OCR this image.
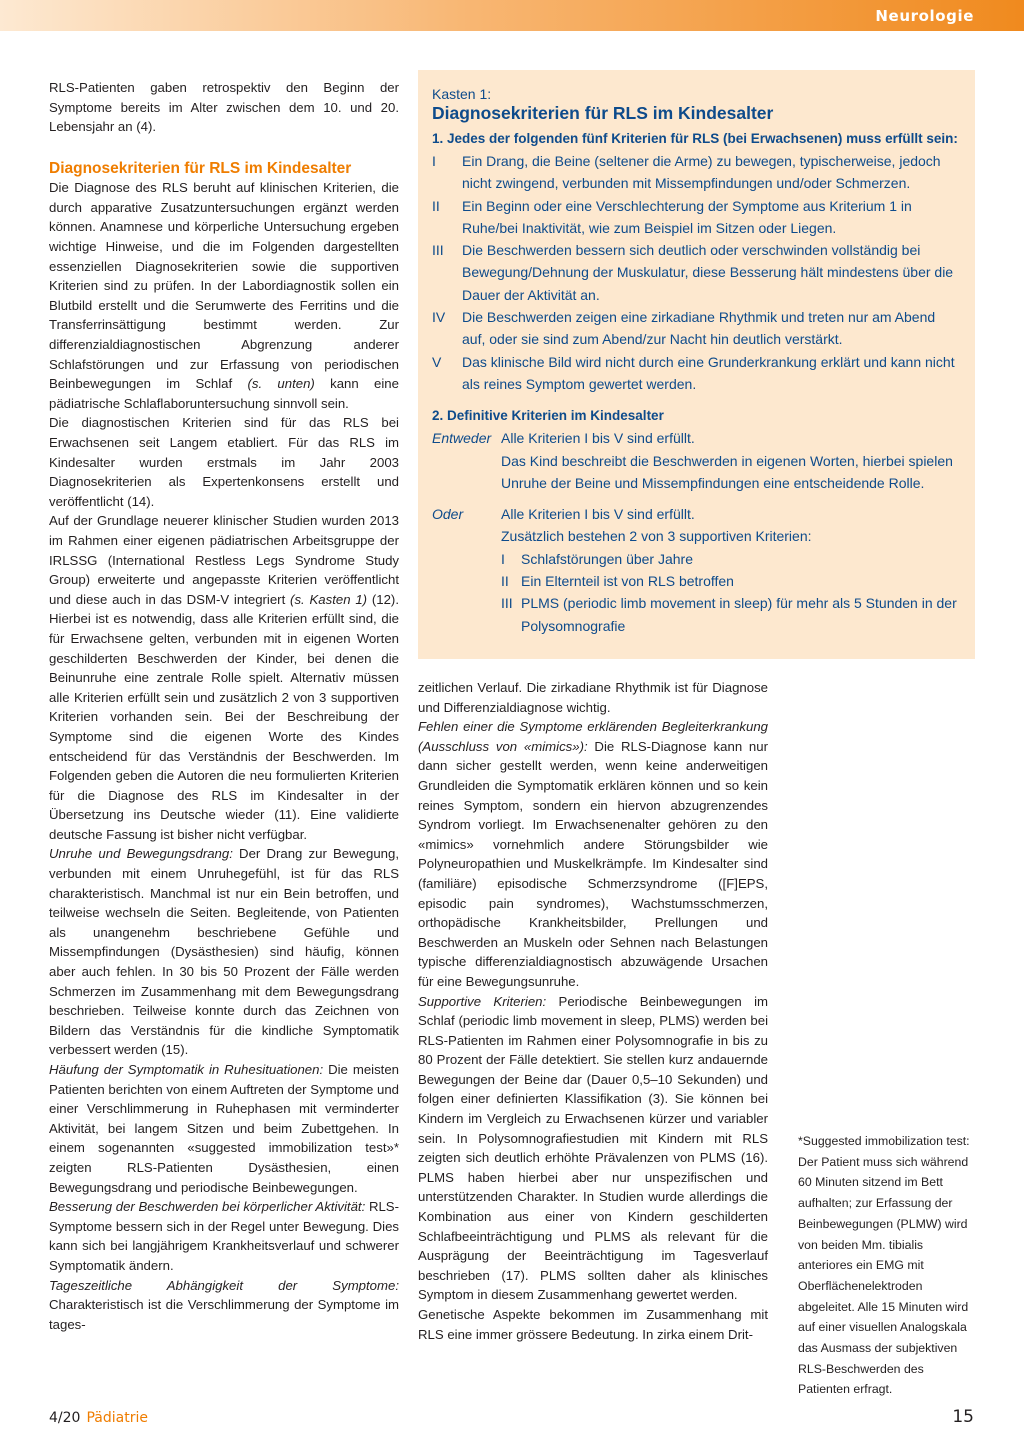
Neurologie

RLS-Patienten gaben retrospektiv den Beginn der Symptome bereits im Alter zwischen dem 10. und 20. Lebensjahr an (4).

Diagnosekriterien für RLS im Kindesalter

Die Diagnose des RLS beruht auf klinischen Kriterien, die durch apparative Zusatzuntersuchungen ergänzt werden können. Anamnese und körperliche Untersuchung ergeben wichtige Hinweise, und die im Folgenden dargestellten essenziellen Diagnosekriterien sowie die supportiven Kriterien sind zu prüfen. In der Labordiagnostik sollen ein Blutbild erstellt und die Serumwerte des Ferritins und die Transferrinsättigung bestimmt werden. Zur differenzialdiagnostischen Abgrenzung anderer Schlafstörungen und zur Erfassung von periodischen Beinbewegungen im Schlaf (s. unten) kann eine pädiatrische Schlaflaboruntersuchung sinnvoll sein.

Die diagnostischen Kriterien sind für das RLS bei Erwachsenen seit Langem etabliert. Für das RLS im Kindesalter wurden erstmals im Jahr 2003 Diagnosekriterien als Expertenkonsens erstellt und veröffentlicht (14).

Auf der Grundlage neuerer klinischer Studien wurden 2013 im Rahmen einer eigenen pädiatrischen Arbeitsgruppe der IRLSSG (International Restless Legs Syndrome Study Group) erweiterte und angepasste Kriterien veröffentlicht und diese auch in das DSM-V integriert (s. Kasten 1) (12). Hierbei ist es notwendig, dass alle Kriterien erfüllt sind, die für Erwachsene gelten, verbunden mit in eigenen Worten geschilderten Beschwerden der Kinder, bei denen die Beinunruhe eine zentrale Rolle spielt. Alternativ müssen alle Kriterien erfüllt sein und zusätzlich 2 von 3 supportiven Kriterien vorhanden sein. Bei der Beschreibung der Symptome sind die eigenen Worte des Kindes entscheidend für das Verständnis der Beschwerden. Im Folgenden geben die Autoren die neu formulierten Kriterien für die Diagnose des RLS im Kindesalter in der Übersetzung ins Deutsche wieder (11). Eine validierte deutsche Fassung ist bisher nicht verfügbar.

Unruhe und Bewegungsdrang: Der Drang zur Bewegung, verbunden mit einem Unruhegefühl, ist für das RLS charakteristisch. Manchmal ist nur ein Bein betroffen, und teilweise wechseln die Seiten. Begleitende, von Patienten als unangenehm beschriebene Gefühle und Missempfindungen (Dysästhesien) sind häufig, können aber auch fehlen. In 30 bis 50 Prozent der Fälle werden Schmerzen im Zusammenhang mit dem Bewegungsdrang beschrieben. Teilweise konnte durch das Zeichnen von Bildern das Verständnis für die kindliche Symptomatik verbessert werden (15).

Häufung der Symptomatik in Ruhesituationen: Die meisten Patienten berichten von einem Auftreten der Symptome und einer Verschlimmerung in Ruhephasen mit verminderter Aktivität, bei langem Sitzen und beim Zubettgehen. In einem sogenannten «suggested immobilization test»* zeigten RLS-Patienten Dysästhesien, einen Bewegungsdrang und periodische Beinbewegungen.

Besserung der Beschwerden bei körperlicher Aktivität: RLS-Symptome bessern sich in der Regel unter Bewegung. Dies kann sich bei langjährigem Krankheitsverlauf und schwerer Symptomatik ändern.

Tageszeitliche Abhängigkeit der Symptome: Charakteristisch ist die Verschlimmerung der Symptome im tages-

Kasten 1:
Diagnosekriterien für RLS im Kindesalter
1. Jedes der folgenden fünf Kriterien für RLS (bei Erwachsenen) muss erfüllt sein:
I	Ein Drang, die Beine (seltener die Arme) zu bewegen, typischerweise, jedoch nicht zwingend, verbunden mit Missempfindungen und/oder Schmerzen.
II	Ein Beginn oder eine Verschlechterung der Symptome aus Kriterium 1 in Ruhe/bei Inaktivität, wie zum Beispiel im Sitzen oder Liegen.
III	Die Beschwerden bessern sich deutlich oder verschwinden vollständig bei Bewegung/Dehnung der Muskulatur, diese Besserung hält mindestens über die Dauer der Aktivität an.
IV	Die Beschwerden zeigen eine zirkadiane Rhythmik und treten nur am Abend auf, oder sie sind zum Abend/zur Nacht hin deutlich verstärkt.
V	Das klinische Bild wird nicht durch eine Grunderkrankung erklärt und kann nicht als reines Symptom gewertet werden.
2. Definitive Kriterien im Kindesalter
Entweder Alle Kriterien I bis V sind erfüllt.
Das Kind beschreibt die Beschwerden in eigenen Worten, hierbei spielen Unruhe der Beine und Missempfindungen eine entscheidende Rolle.
Oder	Alle Kriterien I bis V sind erfüllt.
Zusätzlich bestehen 2 von 3 supportiven Kriterien:
I	Schlafstörungen über Jahre
II Ein Elternteil ist von RLS betroffen
III PLMS (periodic limb movement in sleep) für mehr als 5 Stunden in der Polysomnografie

zeitlichen Verlauf. Die zirkadiane Rhythmik ist für Diagnose und Differenzialdiagnose wichtig.

Fehlen einer die Symptome erklärenden Begleiterkrankung (Ausschluss von «mimics»): Die RLS-Diagnose kann nur dann sicher gestellt werden, wenn keine anderweitigen Grundleiden die Symptomatik erklären können und so kein reines Symptom, sondern ein hiervon abzugrenzendes Syndrom vorliegt. Im Erwachsenenalter gehören zu den «mimics» vornehmlich andere Störungsbilder wie Polyneuropathien und Muskelkrämpfe. Im Kindesalter sind (familiäre) episodische Schmerzsyndrome ([F]EPS, episodic pain syndromes), Wachstumsschmerzen, orthopädische Krankheitsbilder, Prellungen und Beschwerden an Muskeln oder Sehnen nach Belastungen typische differenzialdiagnostisch abzuwägende Ursachen für eine Bewegungsunruhe.

Supportive Kriterien: Periodische Beinbewegungen im Schlaf (periodic limb movement in sleep, PLMS) werden bei RLS-Patienten im Rahmen einer Polysomnografie in bis zu 80 Prozent der Fälle detektiert. Sie stellen kurz andauernde Bewegungen der Beine dar (Dauer 0,5–10 Sekunden) und folgen einer definierten Klassifikation (3). Sie können bei Kindern im Vergleich zu Erwachsenen kürzer und variabler sein. In Polysomnografiestudien mit Kindern mit RLS zeigten sich deutlich erhöhte Prävalenzen von PLMS (16). PLMS haben hierbei aber nur unspezifischen und unterstützenden Charakter. In Studien wurde allerdings die Kombination aus einer von Kindern geschilderten Schlafbeeinträchtigung und PLMS als relevant für die Ausprägung der Beeinträchtigung im Tagesverlauf beschrieben (17). PLMS sollten daher als klinisches Symptom in diesem Zusammenhang gewertet werden.

Genetische Aspekte bekommen im Zusammenhang mit RLS eine immer grössere Bedeutung. In zirka einem Drit-

*Suggested immobilization test: Der Patient muss sich während 60 Minuten sitzend im Bett aufhalten; zur Erfassung der Beinbewegungen (PLMW) wird von beiden Mm. tibialis anteriores ein EMG mit Oberflächenelektroden abgeleitet. Alle 15 Minuten wird auf einer visuellen Analogskala das Ausmass der subjektiven RLS-Beschwerden des Patienten erfragt.
4/20 Pädiatrie	15
